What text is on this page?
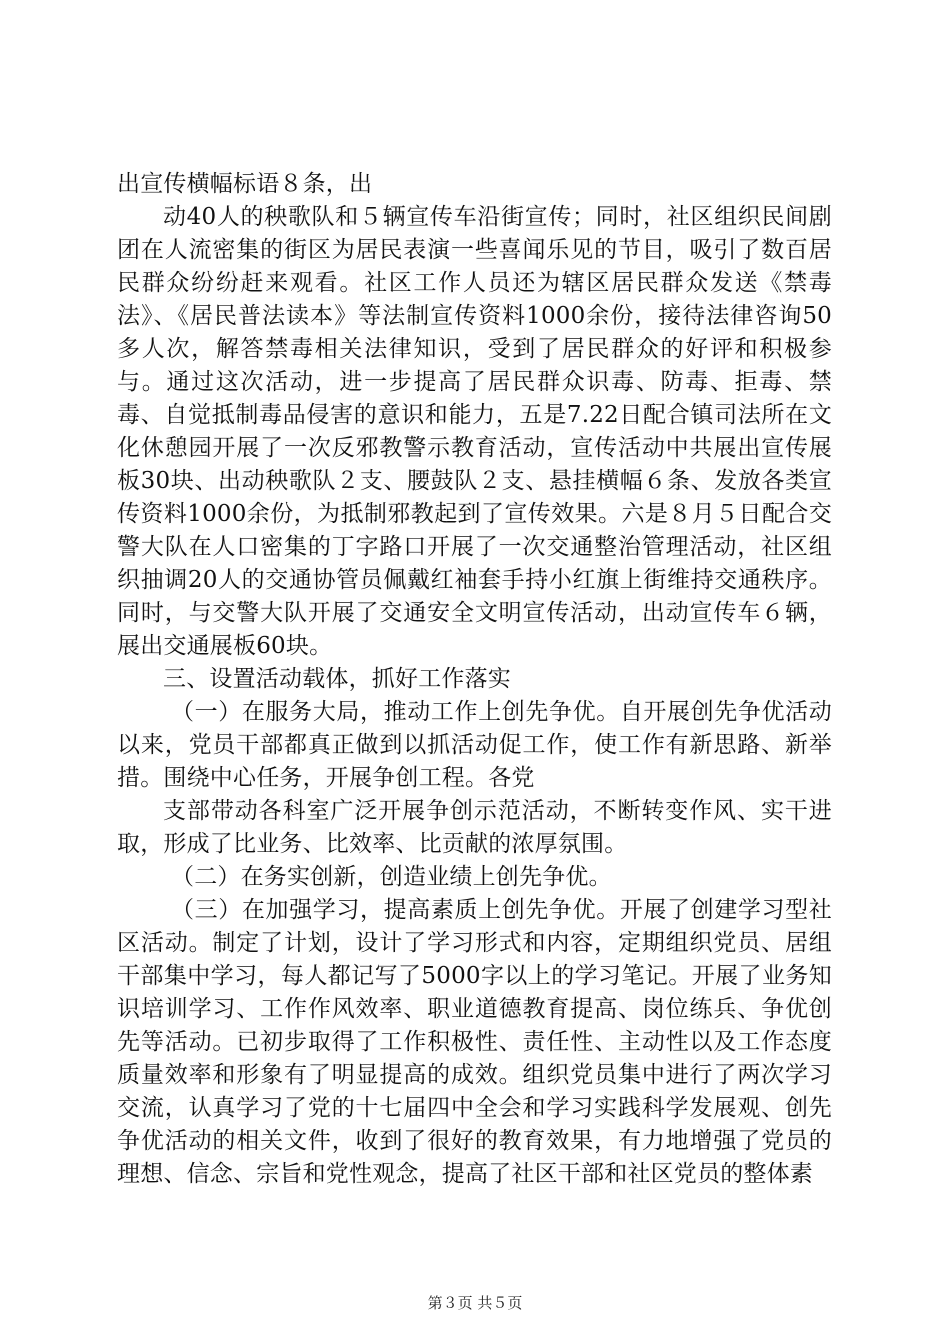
出宣传横幅标语８条，出

动40人的秧歌队和５辆宣传车沿街宣传；同时，社区组织民间剧团在人流密集的街区为居民表演一些喜闻乐见的节目，吸引了数百居民群众纷纷赶来观看。社区工作人员还为辖区居民群众发送《禁毒法》、《居民普法读本》等法制宣传资料1000余份，接待法律咨询50多人次，解答禁毒相关法律知识，受到了居民群众的好评和积极参与。通过这次活动，进一步提高了居民群众识毒、防毒、拒毒、禁毒、自觉抵制毒品侵害的意识和能力，五是7.22日配合镇司法所在文化休憩园开展了一次反邪教警示教育活动，宣传活动中共展出宣传展板30块、出动秧歌队２支、腰鼓队２支、悬挂横幅６条、发放各类宣传资料1000余份，为抵制邪教起到了宣传效果。六是８月５日配合交警大队在人口密集的丁字路口开展了一次交通整治管理活动，社区组织抽调20人的交通协管员佩戴红袖套手持小红旗上街维持交通秩序。同时，与交警大队开展了交通安全文明宣传活动，出动宣传车６辆，展出交通展板60块。

三、设置活动载体，抓好工作落实

（一）在服务大局，推动工作上创先争优。自开展创先争优活动以来，党员干部都真正做到以抓活动促工作，使工作有新思路、新举措。围绕中心任务，开展争创工程。各党

支部带动各科室广泛开展争创示范活动，不断转变作风、实干进取，形成了比业务、比效率、比贡献的浓厚氛围。

（二）在务实创新，创造业绩上创先争优。

（三）在加强学习，提高素质上创先争优。开展了创建学习型社区活动。制定了计划，设计了学习形式和内容，定期组织党员、居组干部集中学习，每人都记写了5000字以上的学习笔记。开展了业务知识培训学习、工作作风效率、职业道德教育提高、岗位练兵、争优创先等活动。已初步取得了工作积极性、责任性、主动性以及工作态度质量效率和形象有了明显提高的成效。组织党员集中进行了两次学习交流，认真学习了党的十七届四中全会和学习实践科学发展观、创先争优活动的相关文件，收到了很好的教育效果，有力地增强了党员的理想、信念、宗旨和党性观念，提高了社区干部和社区党员的整体素

第３页 共５页
